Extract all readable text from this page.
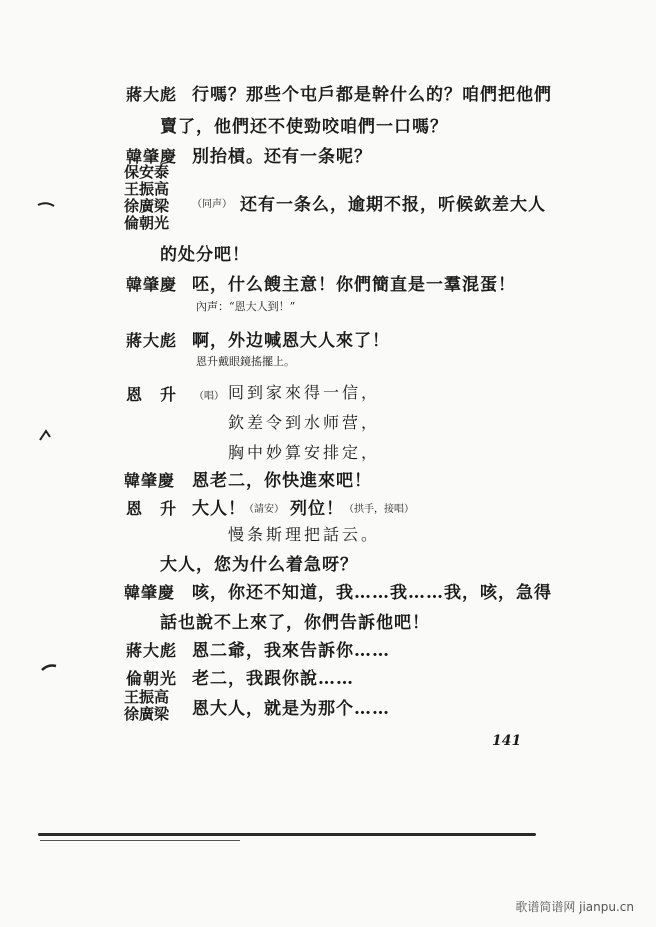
蔣大彪 行嗎？那些个屯戶都是幹什么的？咱們把他們
賣了，他們还不使勁咬咱們一口嗎？
韓肇慶 別抬槓。还有一条呢？
保安泰
王振高
徐廣梁
倫朝光
（同声） 还有一条么，逾期不报，听候欽差大人
的处分吧！
韓肇慶 呸，什么餿主意！你們簡直是一羣混蛋！
內声：“恩大人到！”
蔣大彪 啊，外边喊恩大人來了！
恩升戴眼鏡搖擺上。
恩　升 （唱） 囘到家來得一信，
欽差令到水师营，
胸中妙算安排定，
韓肇慶 恩老二，你快進來吧！
恩　升 大人！
（請安） 列位！ （拱手，接唱）
慢条斯理把話云。
大人，您为什么着急呀？
韓肇慶 咳，你还不知道，我……我……我，咳，急得
話也說不上來了，你們告訴他吧！
蔣大彪 恩二爺，我來告訴你……
倫朝光 老二，我跟你說……
王振高
徐廣梁 恩大人，就是为那个……
141
歌谱简谱网 jianpu.cn
